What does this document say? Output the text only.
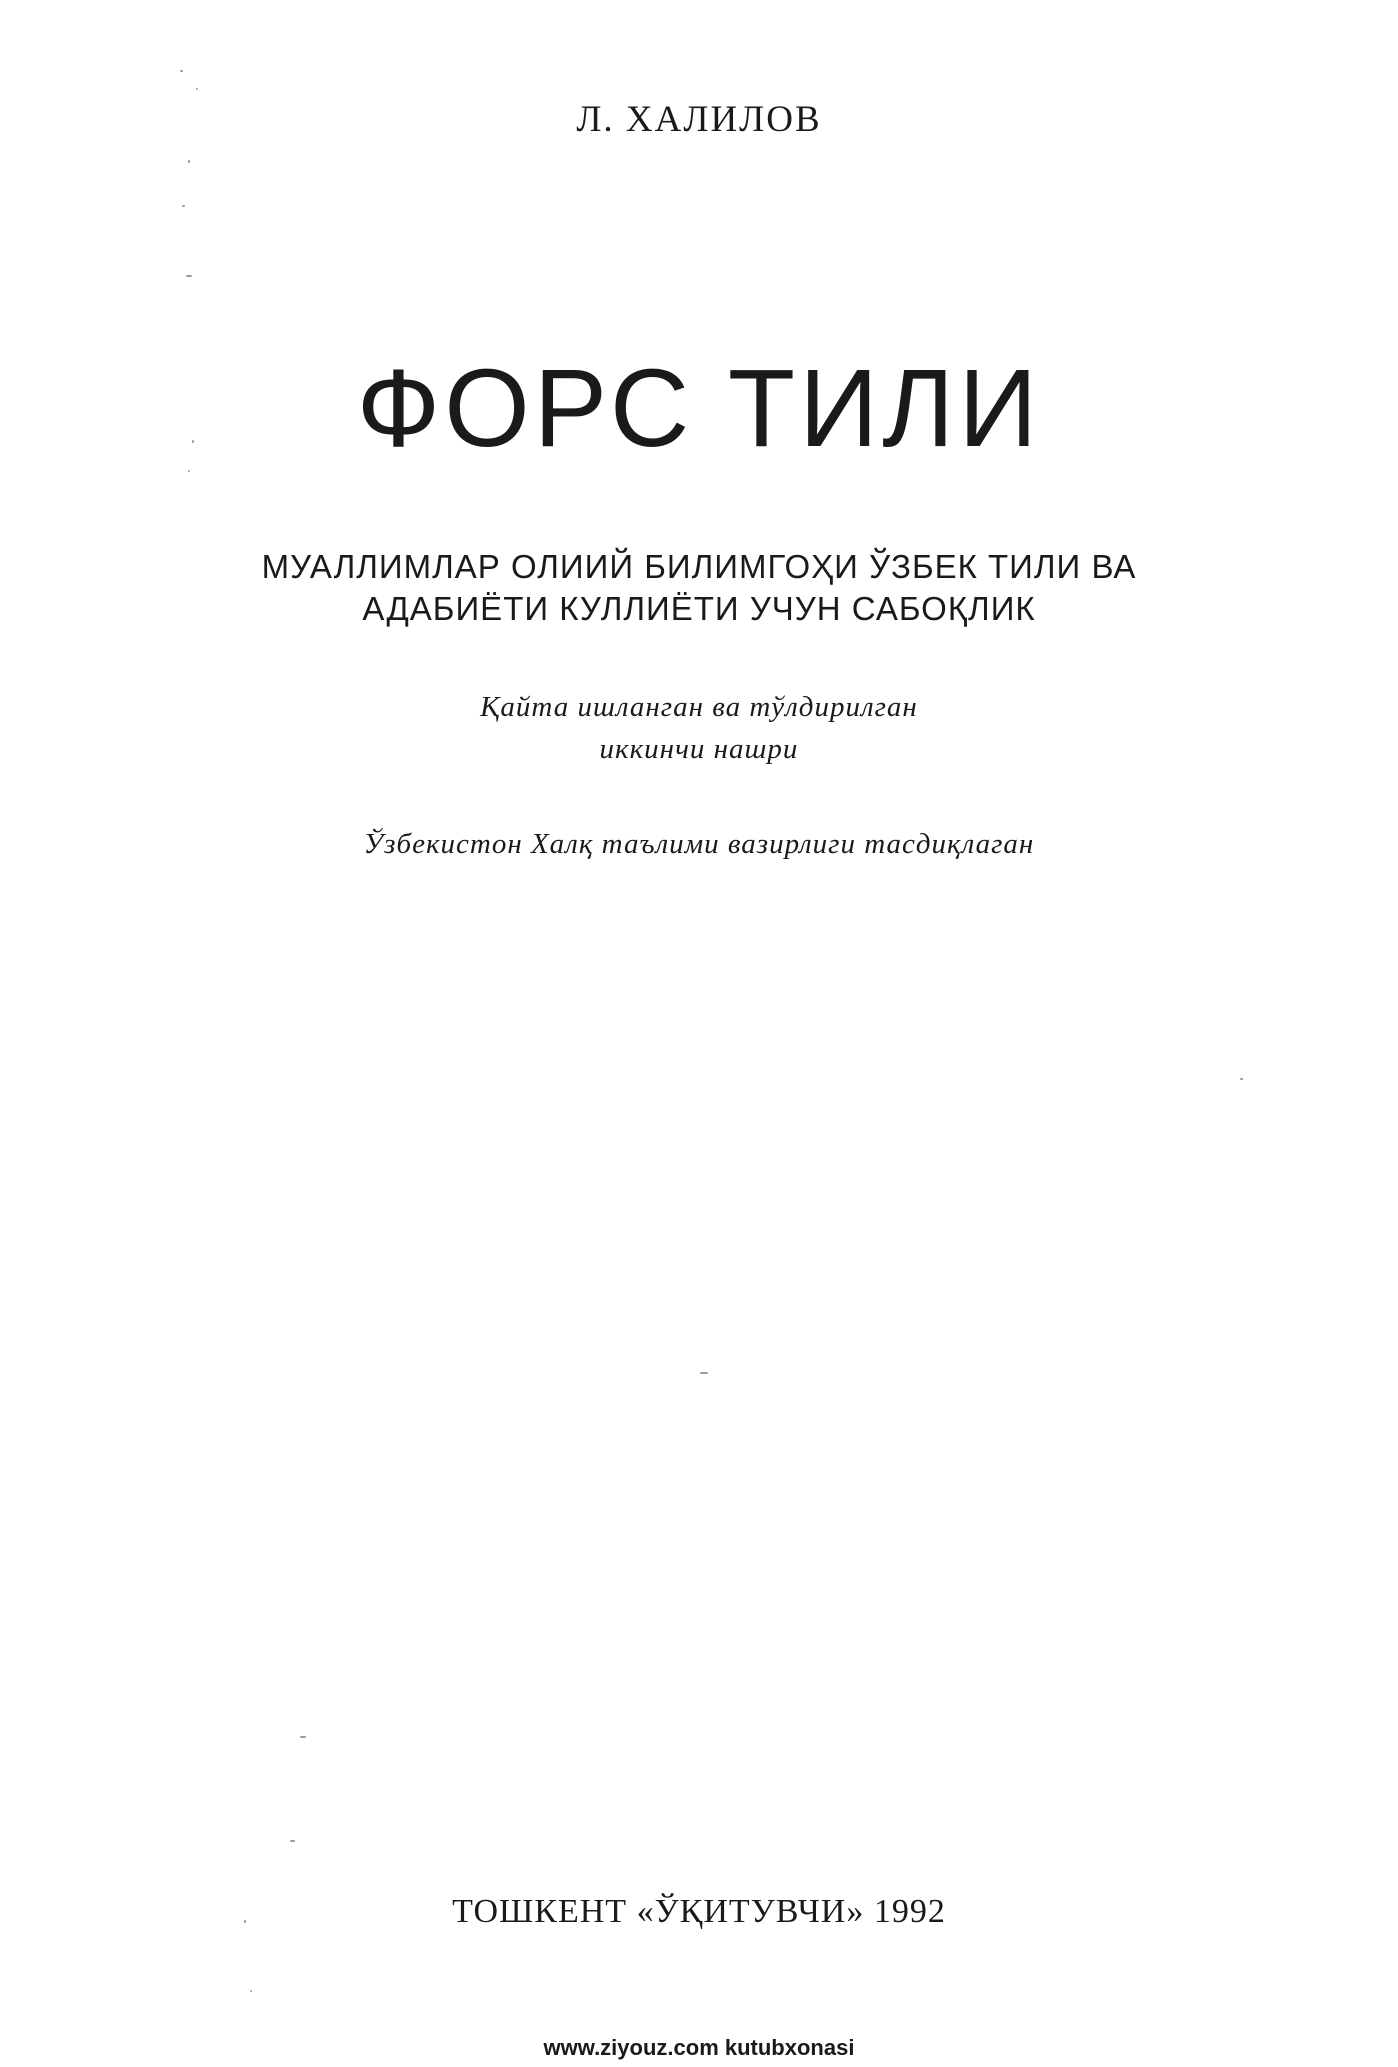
Л. ХАЛИЛОВ
ФОРС ТИЛИ
МУАЛЛИМЛАР ОЛИИЙ БИЛИМГОҲИ ЎЗБЕК ТИЛИ ВА
АДАБИЁТИ КУЛЛИЁТИ УЧУН САБОҚЛИК
Қайта ишланган ва тўлдирилган
иккинчи нашри
Ўзбекистон Халқ таълими вазирлиги тасдиқлаган
ТОШКЕНТ «ЎҚИТУВЧИ» 1992
www.ziyouz.com kutubxonasi
